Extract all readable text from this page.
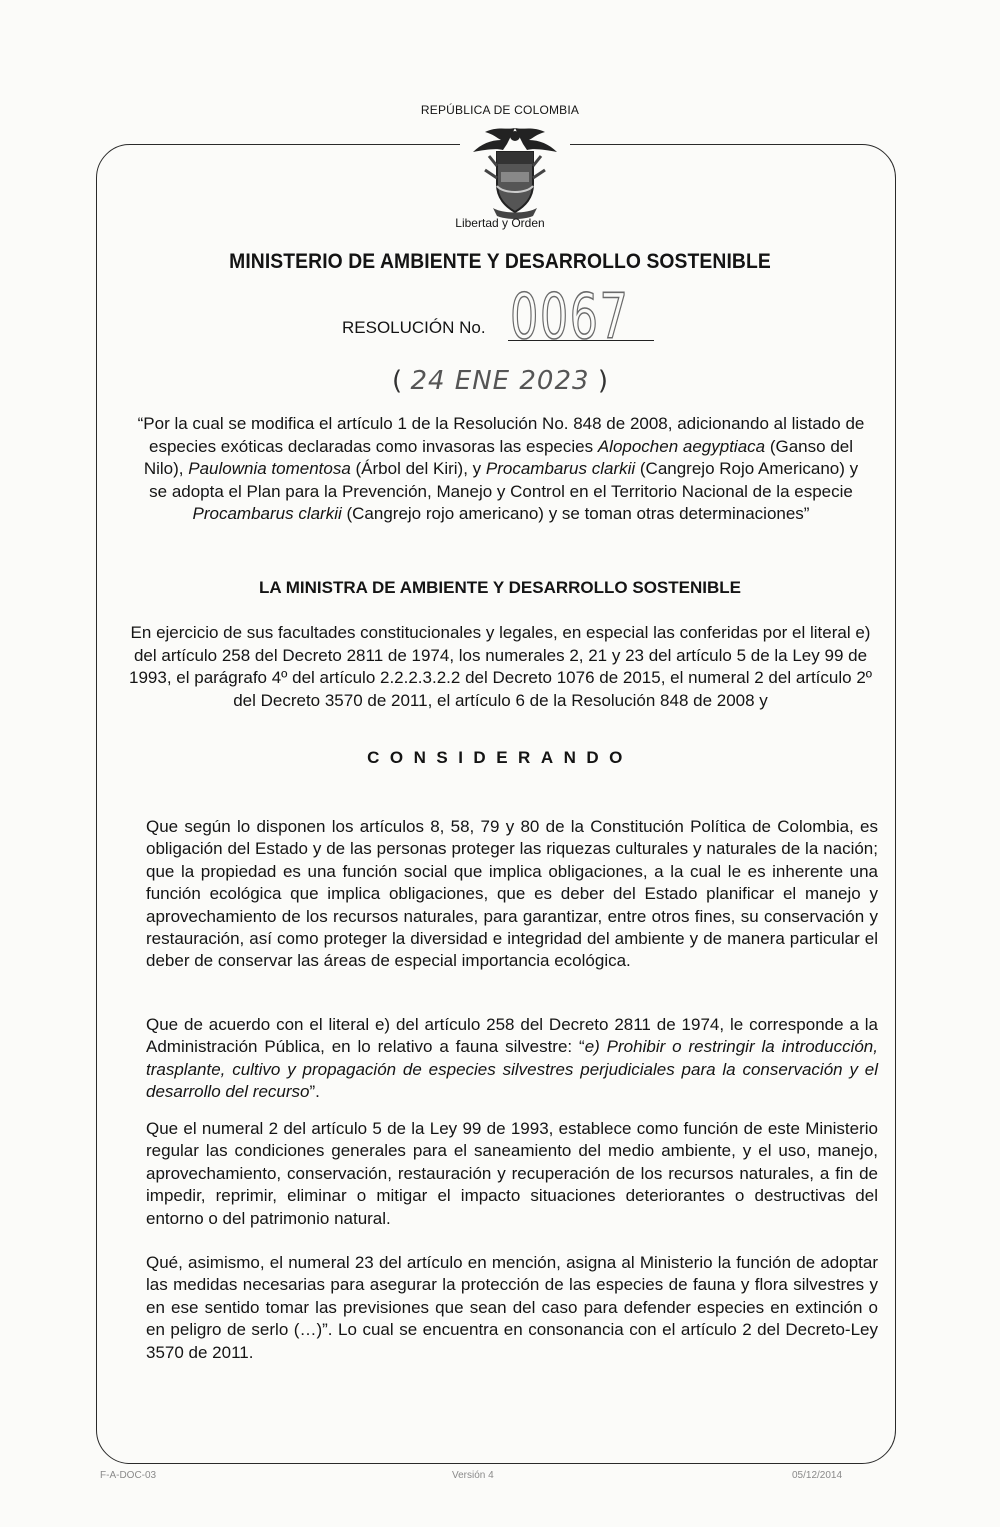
REPÚBLICA DE COLOMBIA
Libertad y Orden
MINISTERIO DE AMBIENTE Y DESARROLLO SOSTENIBLE
RESOLUCIÓN No. 0067
( 24 ENE 2023 )
“Por la cual se modifica el artículo 1 de la Resolución No. 848 de 2008, adicionando al listado de especies exóticas declaradas como invasoras las especies Alopochen aegyptiaca (Ganso del Nilo), Paulownia tomentosa (Árbol del Kiri), y Procambarus clarkii (Cangrejo Rojo Americano) y se adopta el Plan para la Prevención, Manejo y Control en el Territorio Nacional de la especie Procambarus clarkii (Cangrejo rojo americano) y se toman otras determinaciones”
LA MINISTRA DE AMBIENTE Y DESARROLLO SOSTENIBLE
En ejercicio de sus facultades constitucionales y legales, en especial las conferidas por el literal e) del artículo 258 del Decreto 2811 de 1974, los numerales 2, 21 y 23 del artículo 5 de la Ley 99 de 1993, el parágrafo 4º del artículo 2.2.2.3.2.2 del Decreto 1076 de 2015, el numeral 2 del artículo 2º del Decreto 3570 de 2011, el artículo 6 de la Resolución 848 de 2008 y
CONSIDERANDO

Que según lo disponen los artículos 8, 58, 79 y 80 de la Constitución Política de Colombia, es obligación del Estado y de las personas proteger las riquezas culturales y naturales de la nación; que la propiedad es una función social que implica obligaciones, a la cual le es inherente una función ecológica que implica obligaciones, que es deber del Estado planificar el manejo y aprovechamiento de los recursos naturales, para garantizar, entre otros fines, su conservación y restauración, así como proteger la diversidad e integridad del ambiente y de manera particular el deber de conservar las áreas de especial importancia ecológica.

Que de acuerdo con el literal e) del artículo 258 del Decreto 2811 de 1974, le corresponde a la Administración Pública, en lo relativo a fauna silvestre: “e) Prohibir o restringir la introducción, trasplante, cultivo y propagación de especies silvestres perjudiciales para la conservación y el desarrollo del recurso”.

Que el numeral 2 del artículo 5 de la Ley 99 de 1993, establece como función de este Ministerio regular las condiciones generales para el saneamiento del medio ambiente, y el uso, manejo, aprovechamiento, conservación, restauración y recuperación de los recursos naturales, a fin de impedir, reprimir, eliminar o mitigar el impacto situaciones deteriorantes o destructivas del entorno o del patrimonio natural.

Qué, asimismo, el numeral 23 del artículo en mención, asigna al Ministerio la función de adoptar las medidas necesarias para asegurar la protección de las especies de fauna y flora silvestres y en ese sentido tomar las previsiones que sean del caso para defender especies en extinción o en peligro de serlo (…)”. Lo cual se encuentra en consonancia con el artículo 2 del Decreto-Ley 3570 de 2011.

F-A-DOC-03	Versión 4	05/12/2014
